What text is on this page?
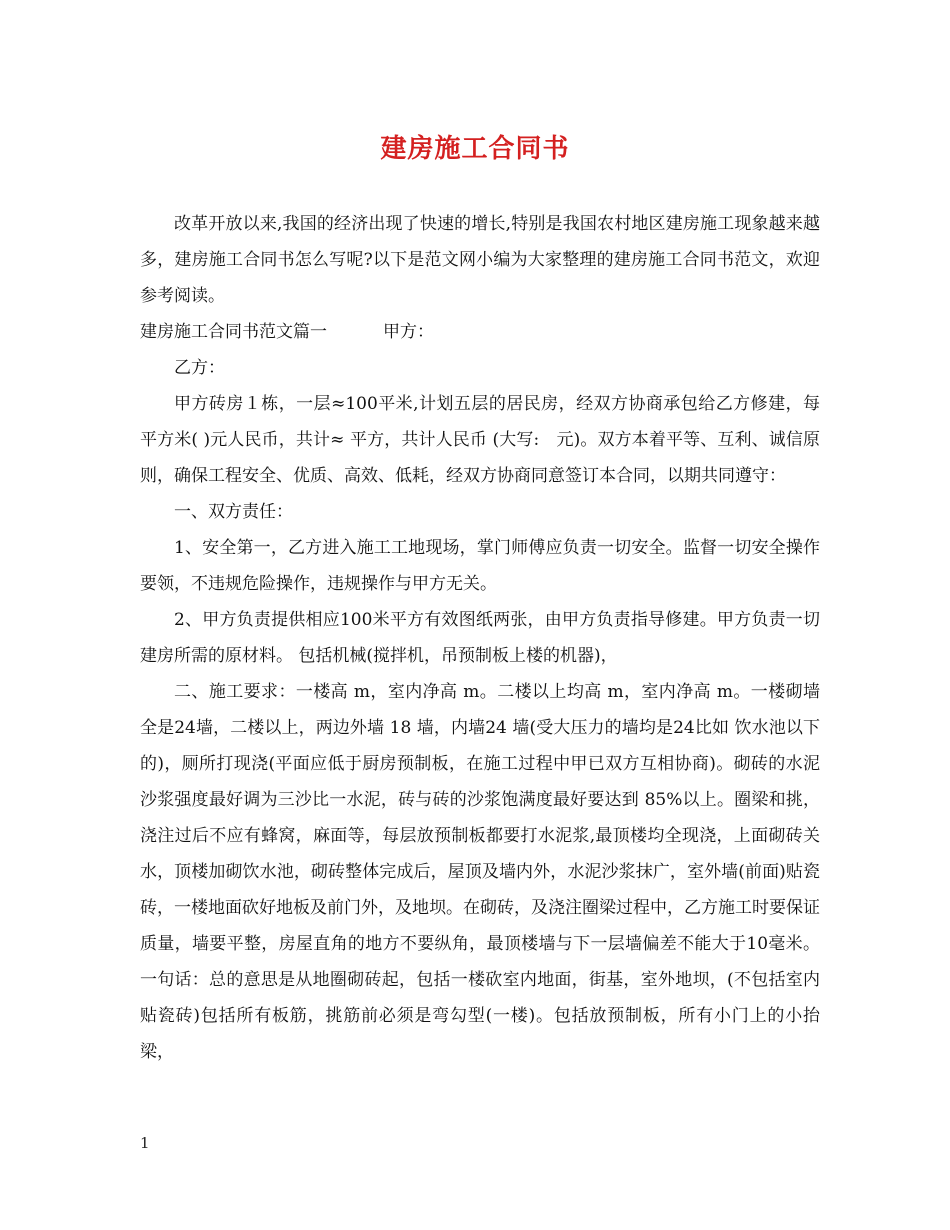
建房施工合同书

改革开放以来,我国的经济出现了快速的增长,特别是我国农村地区建房施工现象越来越多，建房施工合同书怎么写呢?以下是范文网小编为大家整理的建房施工合同书范文，欢迎参考阅读。

建房施工合同书范文篇一	甲方：

乙方：

甲方砖房１栋，一层≈100平米,计划五层的居民房，经双方协商承包给乙方修建，每平方米( )元人民币，共计≈ 平方，共计人民币 (大写:　元)。双方本着平等、互利、诚信原则，确保工程安全、优质、高效、低耗，经双方协商同意签订本合同，以期共同遵守：

一、双方责任：

1、安全第一，乙方进入施工工地现场，掌门师傅应负责一切安全。监督一切安全操作要领，不违规危险操作，违规操作与甲方无关。

2、甲方负责提供相应100米平方有效图纸两张，由甲方负责指导修建。甲方负责一切建房所需的原材料。 包括机械(搅拌机，吊预制板上楼的机器)，

二、施工要求：一楼高 m，室内净高 m。二楼以上均高 m，室内净高 m。一楼砌墙全是24墙，二楼以上，两边外墙 18 墙，内墙24 墙(受大压力的墙均是24比如 饮水池以下的)，厕所打现浇(平面应低于厨房预制板，在施工过程中甲已双方互相协商)。砌砖的水泥沙浆强度最好调为三沙比一水泥，砖与砖的沙浆饱满度最好要达到 85%以上。圈梁和挑，浇注过后不应有蜂窝，麻面等，每层放预制板都要打水泥浆,最顶楼均全现浇，上面砌砖关水，顶楼加砌饮水池，砌砖整体完成后，屋顶及墙内外，水泥沙浆抹广，室外墙(前面)贴瓷砖，一楼地面砍好地板及前门外，及地坝。在砌砖，及浇注圈梁过程中，乙方施工时要保证质量，墙要平整，房屋直角的地方不要纵角，最顶楼墙与下一层墙偏差不能大于10毫米。一句话：总的意思是从地圈砌砖起，包括一楼砍室内地面，街基，室外地坝，(不包括室内贴瓷砖)包括所有板筋，挑筋前必须是弯勾型(一楼)。包括放预制板，所有小门上的小抬梁，

1
